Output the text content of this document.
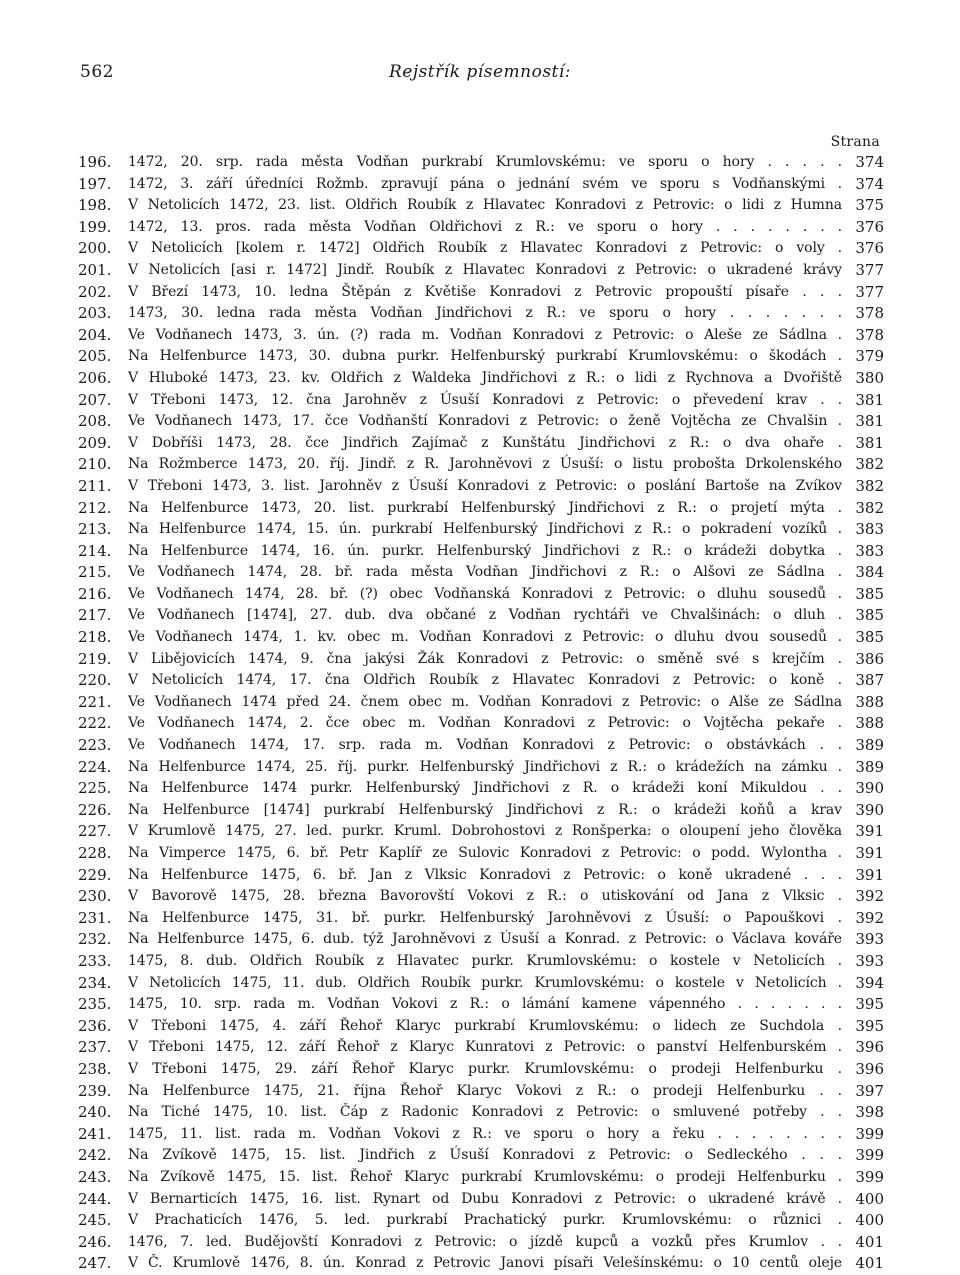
562	Rejstřík písemností:
Strana
196.	1472, 20. srp. rada města Vodňan purkrabí Krumlovskému: ve sporu o hory . . . . . 374
197.	1472, 3. září úředníci Rožmb. zpravují pána o jednání svém ve sporu s Vodňanskými . 374
198.	V Netolicích 1472, 23. list. Oldřich Roubík z Hlavatec Konradovi z Petrovic: o lidi z Humna 375
199.	1472, 13. pros. rada města Vodňan Oldřichovi z R.: ve sporu o hory . . . . . . . . 376
200.	V Netolicích [kolem r. 1472] Oldřich Roubík z Hlavatec Konradovi z Petrovic: o voly . 376
201.	V Netolicích [asi r. 1472] Jindř. Roubík z Hlavatec Konradovi z Petrovic: o ukradené krávy 377
202.	V Březí 1473, 10. ledna Štěpán z Květiše Konradovi z Petrovic propouští písaře . . . 377
203.	1473, 30. ledna rada města Vodňan Jindřichovi z R.: ve sporu o hory . . . . . . . 378
204.	Ve Vodňanech 1473, 3. ún. (?) rada m. Vodňan Konradovi z Petrovic: o Aleše ze Sádlna . 378
205.	Na Helfenburce 1473, 30. dubna purkr. Helfenburský purkrabí Krumlovskému: o škodách . 379
206.	V Hluboké 1473, 23. kv. Oldřich z Waldeka Jindřichovi z R.: o lidi z Rychnova a Dvořiště 380
207.	V Třeboni 1473, 12. čna Jarohněv z Úsuší Konradovi z Petrovic: o převedení krav . . 381
208.	Ve Vodňanech 1473, 17. čce Vodňanští Konradovi z Petrovic: o ženě Vojtěcha ze Chvalšin . 381
209.	V Dobříši 1473, 28. čce Jindřich Zajímač z Kunštátu Jindřichovi z R.: o dva ohaře . 381
210.	Na Rožmberce 1473, 20. říj. Jindř. z R. Jarohněvovi z Úsuší: o listu probošta Drkolenského 382
211.	V Třeboni 1473, 3. list. Jarohněv z Úsuší Konradovi z Petrovic: o poslání Bartoše na Zvíkov 382
212.	Na Helfenburce 1473, 20. list. purkrabí Helfenburský Jindřichovi z R.: o projetí mýta . 382
213.	Na Helfenburce 1474, 15. ún. purkrabí Helfenburský Jindřichovi z R.: o pokradení vozíků . 383
214.	Na Helfenburce 1474, 16. ún. purkr. Helfenburský Jindřichovi z R.: o krádeži dobytka . 383
215.	Ve Vodňanech 1474, 28. bř. rada města Vodňan Jindřichovi z R.: o Alšovi ze Sádlna . 384
216.	Ve Vodňanech 1474, 28. bř. (?) obec Vodňanská Konradovi z Petrovic: o dluhu sousedů . 385
217.	Ve Vodňanech [1474], 27. dub. dva občané z Vodňan rychtáři ve Chvalšinách: o dluh . 385
218.	Ve Vodňanech 1474, 1. kv. obec m. Vodňan Konradovi z Petrovic: o dluhu dvou sousedů . 385
219.	V Libějovicích 1474, 9. čna jakýsi Žák Konradovi z Petrovic: o směně své s krejčím . 386
220.	V Netolicích 1474, 17. čna Oldřich Roubík z Hlavatec Konradovi z Petrovic: o koně . 387
221.	Ve Vodňanech 1474 před 24. čnem obec m. Vodňan Konradovi z Petrovic: o Alše ze Sádlna 388
222.	Ve Vodňanech 1474, 2. čce obec m. Vodňan Konradovi z Petrovic: o Vojtěcha pekaře . 388
223.	Ve Vodňanech 1474, 17. srp. rada m. Vodňan Konradovi z Petrovic: o obstávkách . . 389
224.	Na Helfenburce 1474, 25. říj. purkr. Helfenburský Jindřichovi z R.: o krádežích na zámku . 389
225.	Na Helfenburce 1474 purkr. Helfenburský Jindřichovi z R. o krádeži koní Mikuldou . . 390
226.	Na Helfenburce [1474] purkrabí Helfenburský Jindřichovi z R.: o krádeži koňů a krav 390
227.	V Krumlově 1475, 27. led. purkr. Kruml. Dobrohostovi z Ronšperka: o oloupení jeho člověka 391
228.	Na Vimperce 1475, 6. bř. Petr Kaplíř ze Sulovic Konradovi z Petrovic: o podd. Wylontha . 391
229.	Na Helfenburce 1475, 6. bř. Jan z Vlksic Konradovi z Petrovic: o koně ukradené . . . 391
230.	V Bavorově 1475, 28. března Bavorovští Vokovi z R.: o utiskování od Jana z Vlksic . 392
231.	Na Helfenburce 1475, 31. bř. purkr. Helfenburský Jarohněvovi z Úsuší: o Papouškovi . 392
232.	Na Helfenburce 1475, 6. dub. týž Jarohněvovi z Úsuší a Konrad. z Petrovic: o Václava kováře 393
233.	1475, 8. dub. Oldřich Roubík z Hlavatec purkr. Krumlovskému: o kostele v Netolicích . 393
234.	V Netolicích 1475, 11. dub. Oldřich Roubík purkr. Krumlovskému: o kostele v Netolicích . 394
235.	1475, 10. srp. rada m. Vodňan Vokovi z R.: o lámání kamene vápenného . . . . . . . 395
236.	V Třeboni 1475, 4. září Řehoř Klaryc purkrabí Krumlovskému: o lidech ze Suchdola . 395
237.	V Třeboni 1475, 12. září Řehoř z Klaryc Kunratovi z Petrovic: o panství Helfenburském . 396
238.	V Třeboni 1475, 29. září Řehoř Klaryc purkr. Krumlovskému: o prodeji Helfenburku . 396
239.	Na Helfenburce 1475, 21. října Řehoř Klaryc Vokovi z R.: o prodeji Helfenburku . . 397
240.	Na Tiché 1475, 10. list. Čáp z Radonic Konradovi z Petrovic: o smluvené potřeby . . 398
241.	1475, 11. list. rada m. Vodňan Vokovi z R.: ve sporu o hory a řeku . . . . . . . . 399
242.	Na Zvíkově 1475, 15. list. Jindřich z Úsuší Konradovi z Petrovic: o Sedleckého . . . 399
243.	Na Zvíkově 1475, 15. list. Řehoř Klaryc purkrabí Krumlovskému: o prodeji Helfenburku . 399
244.	V Bernarticích 1475, 16. list. Rynart od Dubu Konradovi z Petrovic: o ukradené krávě . 400
245.	V Prachaticích 1476, 5. led. purkrabí Prachatický purkr. Krumlovskému: o různici . 400
246.	1476, 7. led. Budějovští Konradovi z Petrovic: o jízdě kupců a vozků přes Krumlov . . 401
247.	V Č. Krumlově 1476, 8. ún. Konrad z Petrovic Janovi písaři Velešínskému: o 10 centů oleje 401
